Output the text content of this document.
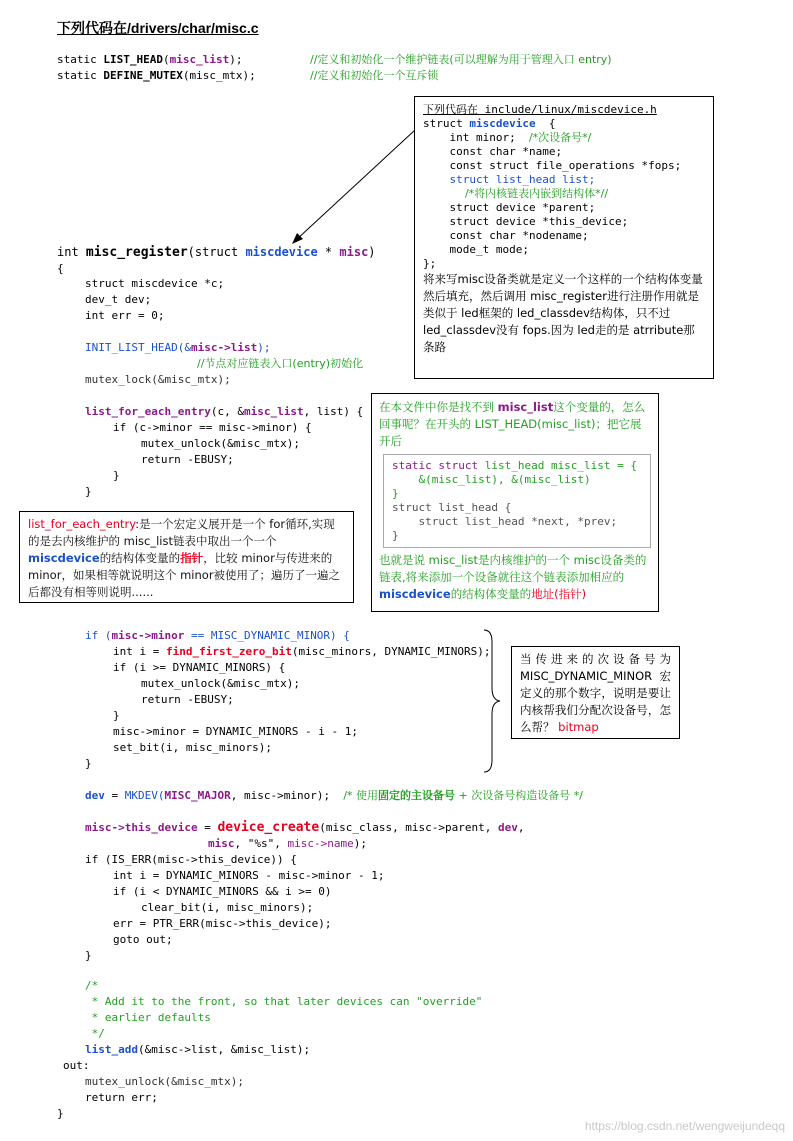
下列代码在/drivers/char/misc.c
static LIST_HEAD(misc_list);	//定义和初始化一个维护链表(可以理解为用于管理入口 entry)
static DEFINE_MUTEX(misc_mtx);	//定义和初始化一个互斥锁
下列代码在 include/linux/miscdevice.h
struct miscdevice  {
int minor;  /*次设备号*/
const char *name;
const struct file_operations *fops;
struct list_head list;
/*将内核链表内嵌到结构体*//
struct device *parent;
struct device *this_device;
const char *nodename;
mode_t mode;
};
将来写misc设备类就是定义一个这样的一个结构体变量然后填充，然后调用 misc_register进行注册作用就是类似于 led框架的 led_classdev结构体，只不过 led_classdev没有 fops.因为 led走的是 atrribute那条路
int misc_register(struct miscdevice * misc)
{
struct miscdevice *c;
dev_t dev;
int err = 0;
INIT_LIST_HEAD(&misc->list);
//节点对应链表入口(entry)初始化
mutex_lock(&misc_mtx);
list_for_each_entry(c, &misc_list, list) {
if (c->minor == misc->minor) {
mutex_unlock(&misc_mtx);
return -EBUSY;
}
}
在本文件中你是找不到 misc_list这个变量的，怎么回事呢？在开头的 LIST_HEAD(misc_list)；把它展开后
static struct list_head misc_list = {
&(misc_list), &(misc_list)
}
struct list_head {
struct list_head *next, *prev;
}
也就是说 misc_list是内核维护的一个 misc设备类的链表,将来添加一个设备就往这个链表添加相应的 miscdevice的结构体变量的地址(指针)
list_for_each_entry:是一个宏定义展开是一个 for循环,实现的是去内核维护的 misc_list链表中取出一个一个 miscdevice的结构体变量的指针，比较 minor与传进来的 minor，如果相等就说明这个 minor被使用了；遍历了一遍之后都没有相等则说明......
if (misc->minor == MISC_DYNAMIC_MINOR) {
int i = find_first_zero_bit(misc_minors, DYNAMIC_MINORS);
if (i >= DYNAMIC_MINORS) {
mutex_unlock(&misc_mtx);
return -EBUSY;
}
misc->minor = DYNAMIC_MINORS - i - 1;
set_bit(i, misc_minors);
}
当传进来的次设备号为 MISC_DYNAMIC_MINOR宏定义的那个数字，说明是要让内核帮我们分配次设备号，怎么帮？ bitmap
dev = MKDEV(MISC_MAJOR, misc->minor);  /* 使用固定的主设备号 + 次设备号构造设备号 */
misc->this_device = device_create(misc_class, misc->parent, dev,
misc, "%s", misc->name);
if (IS_ERR(misc->this_device)) {
int i = DYNAMIC_MINORS - misc->minor - 1;
if (i < DYNAMIC_MINORS && i >= 0)
clear_bit(i, misc_minors);
err = PTR_ERR(misc->this_device);
goto out;
}
/*
* Add it to the front, so that later devices can "override"
* earlier defaults
*/
list_add(&misc->list, &misc_list);
out:
mutex_unlock(&misc_mtx);
return err;
}
https://blog.csdn.net/wengweijundeqq
